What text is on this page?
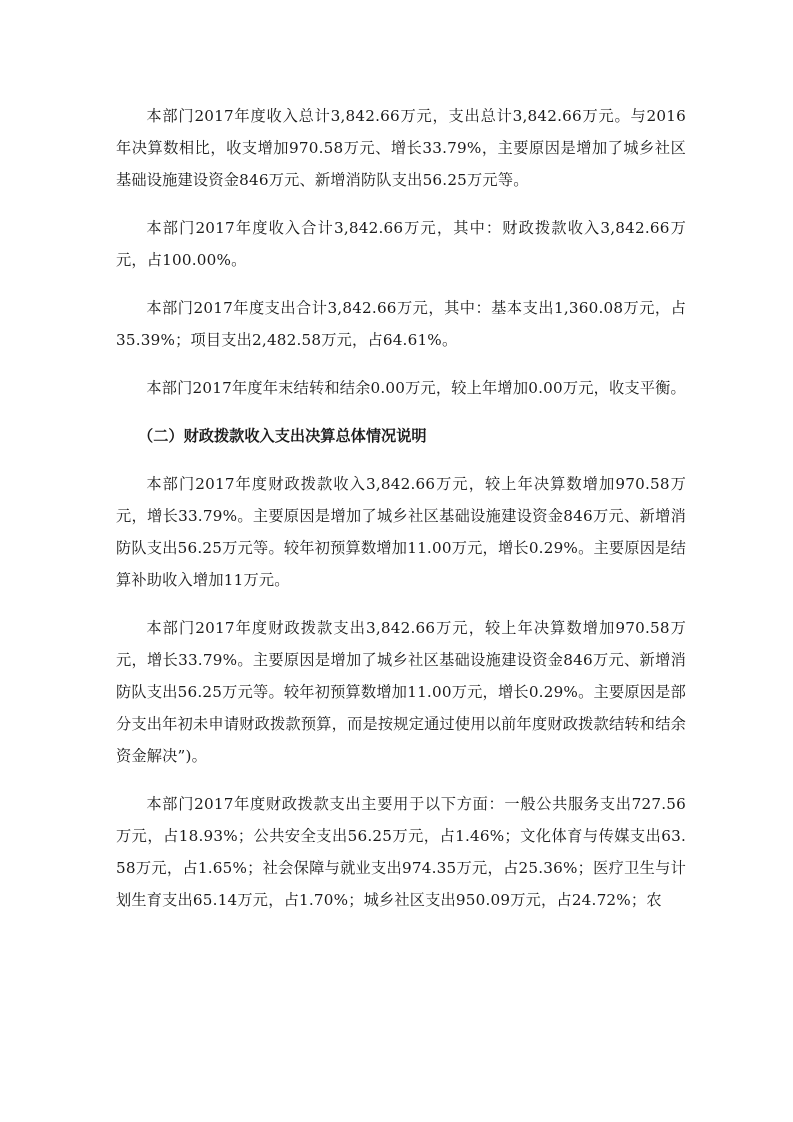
本部门2017年度收入总计3,842.66万元，支出总计3,842.66万元。与2016年决算数相比，收支增加970.58万元、增长33.79%，主要原因是增加了城乡社区基础设施建设资金846万元、新增消防队支出56.25万元等。

本部门2017年度收入合计3,842.66万元，其中：财政拨款收入3,842.66万元，占100.00%。

本部门2017年度支出合计3,842.66万元，其中：基本支出1,360.08万元，占35.39%；项目支出2,482.58万元，占64.61%。

本部门2017年度年末结转和结余0.00万元，较上年增加0.00万元，收支平衡。

（二）财政拨款收入支出决算总体情况说明

本部门2017年度财政拨款收入3,842.66万元，较上年决算数增加970.58万元，增长33.79%。主要原因是增加了城乡社区基础设施建设资金846万元、新增消防队支出56.25万元等。较年初预算数增加11.00万元，增长0.29%。主要原因是结算补助收入增加11万元。

本部门2017年度财政拨款支出3,842.66万元，较上年决算数增加970.58万元，增长33.79%。主要原因是增加了城乡社区基础设施建设资金846万元、新增消防队支出56.25万元等。较年初预算数增加11.00万元，增长0.29%。主要原因是部分支出年初未申请财政拨款预算，而是按规定通过使用以前年度财政拨款结转和结余资金解决”)。

本部门2017年度财政拨款支出主要用于以下方面：一般公共服务支出727.56万元，占18.93%；公共安全支出56.25万元，占1.46%；文化体育与传媒支出63.58万元，占1.65%；社会保障与就业支出974.35万元，占25.36%；医疗卫生与计划生育支出65.14万元，占1.70%；城乡社区支出950.09万元，占24.72%；农
